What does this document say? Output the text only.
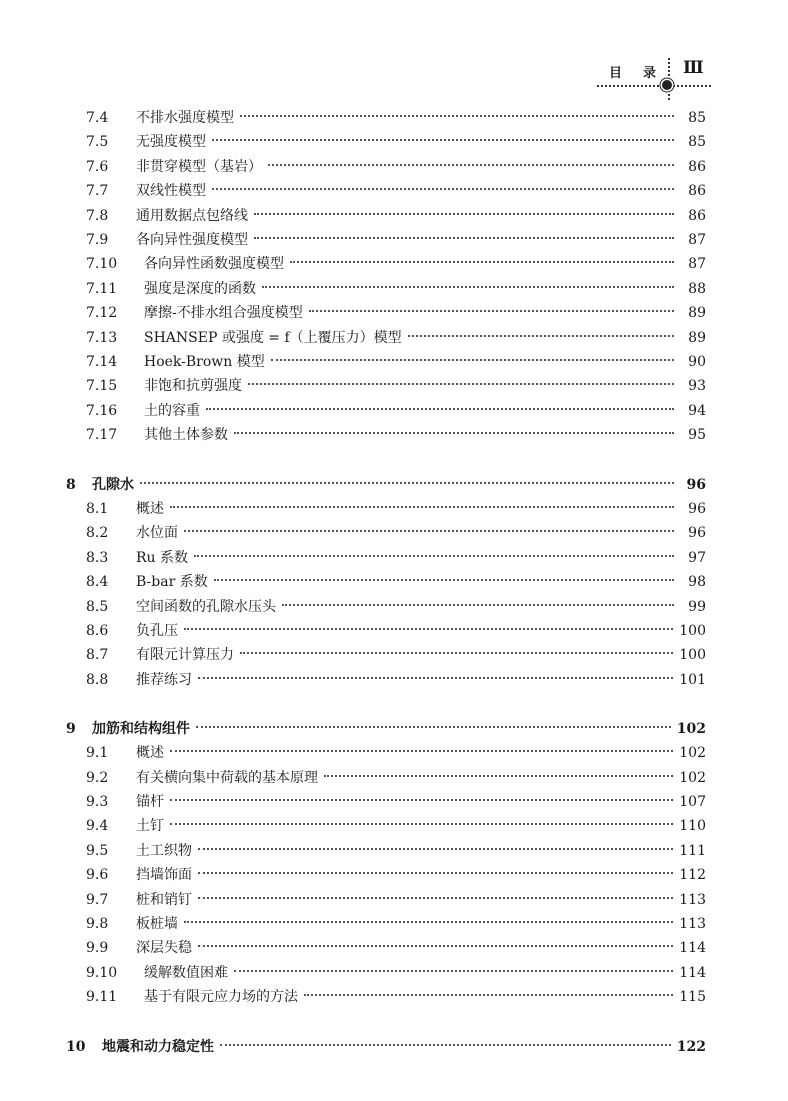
目 录 Ⅲ
7.4	不排水强度模型	85
7.5	无强度模型	85
7.6	非贯穿模型（基岩）	86
7.7	双线性模型	86
7.8	通用数据点包络线	86
7.9	各向异性强度模型	87
7.10	各向异性函数强度模型	87
7.11	强度是深度的函数	88
7.12	摩擦-不排水组合强度模型	89
7.13	SHANSEP 或强度 = f（上覆压力）模型	89
7.14	Hoek-Brown 模型	90
7.15	非饱和抗剪强度	93
7.16	土的容重	94
7.17	其他土体参数	95
8	孔隙水	96
8.1	概述	96
8.2	水位面	96
8.3	Ru 系数	97
8.4	B-bar 系数	98
8.5	空间函数的孔隙水压头	99
8.6	负孔压	100
8.7	有限元计算压力	100
8.8	推荐练习	101
9	加筋和结构组件	102
9.1	概述	102
9.2	有关横向集中荷载的基本原理	102
9.3	锚杆	107
9.4	土钉	110
9.5	土工织物	111
9.6	挡墙饰面	112
9.7	桩和销钉	113
9.8	板桩墙	113
9.9	深层失稳	114
9.10	缓解数值困难	114
9.11	基于有限元应力场的方法	115
10	地震和动力稳定性	122
